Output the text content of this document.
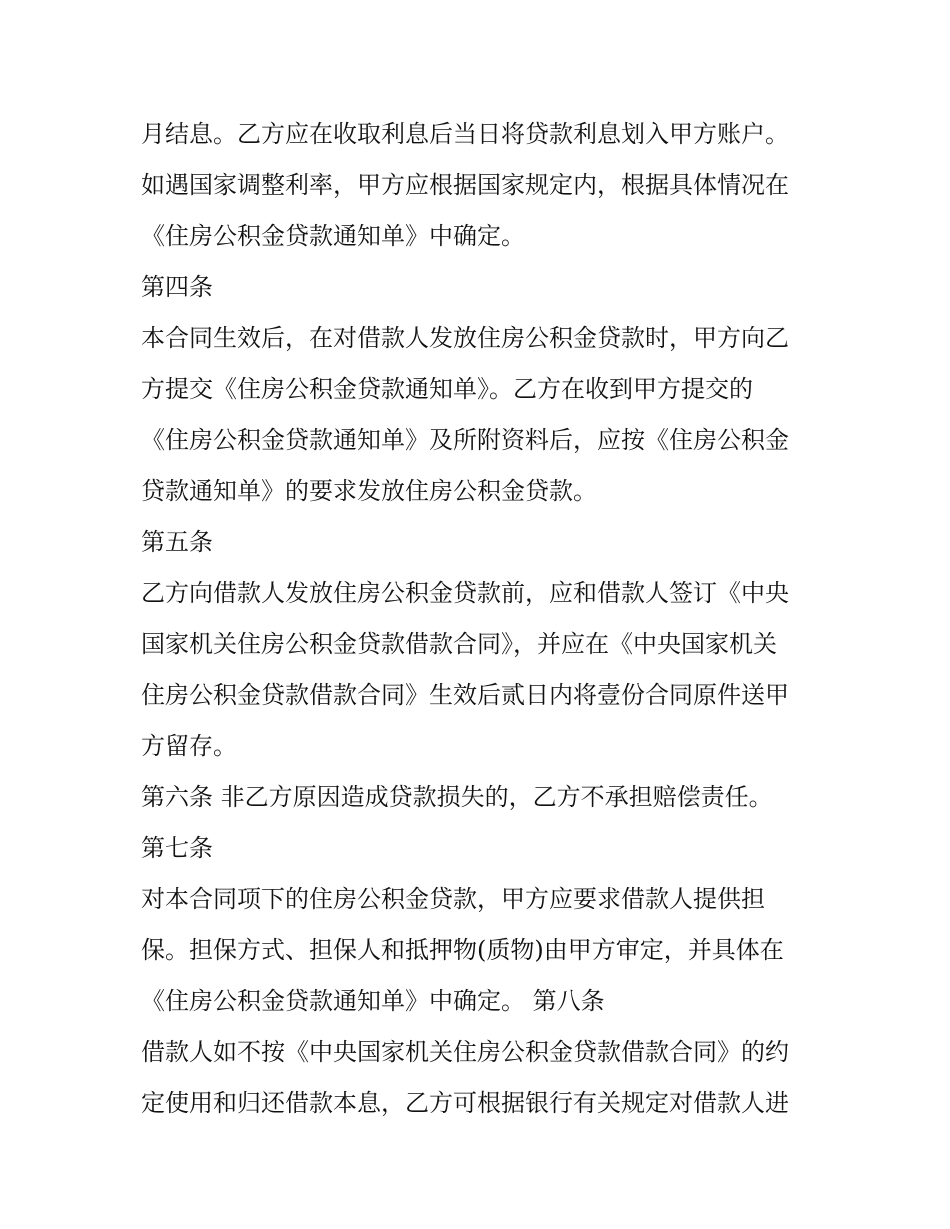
月结息。乙方应在收取利息后当日将贷款利息划入甲方账户。
如遇国家调整利率，甲方应根据国家规定内，根据具体情况在
《住房公积金贷款通知单》中确定。
第四条
本合同生效后，在对借款人发放住房公积金贷款时，甲方向乙
方提交《住房公积金贷款通知单》。乙方在收到甲方提交的
《住房公积金贷款通知单》及所附资料后，应按《住房公积金
贷款通知单》的要求发放住房公积金贷款。
第五条
乙方向借款人发放住房公积金贷款前，应和借款人签订《中央
国家机关住房公积金贷款借款合同》，并应在《中央国家机关
住房公积金贷款借款合同》生效后贰日内将壹份合同原件送甲
方留存。
第六条 非乙方原因造成贷款损失的，乙方不承担赔偿责任。
第七条
对本合同项下的住房公积金贷款，甲方应要求借款人提供担
保。担保方式、担保人和抵押物(质物)由甲方审定，并具体在
《住房公积金贷款通知单》中确定。 第八条
借款人如不按《中央国家机关住房公积金贷款借款合同》的约
定使用和归还借款本息，乙方可根据银行有关规定对借款人进
